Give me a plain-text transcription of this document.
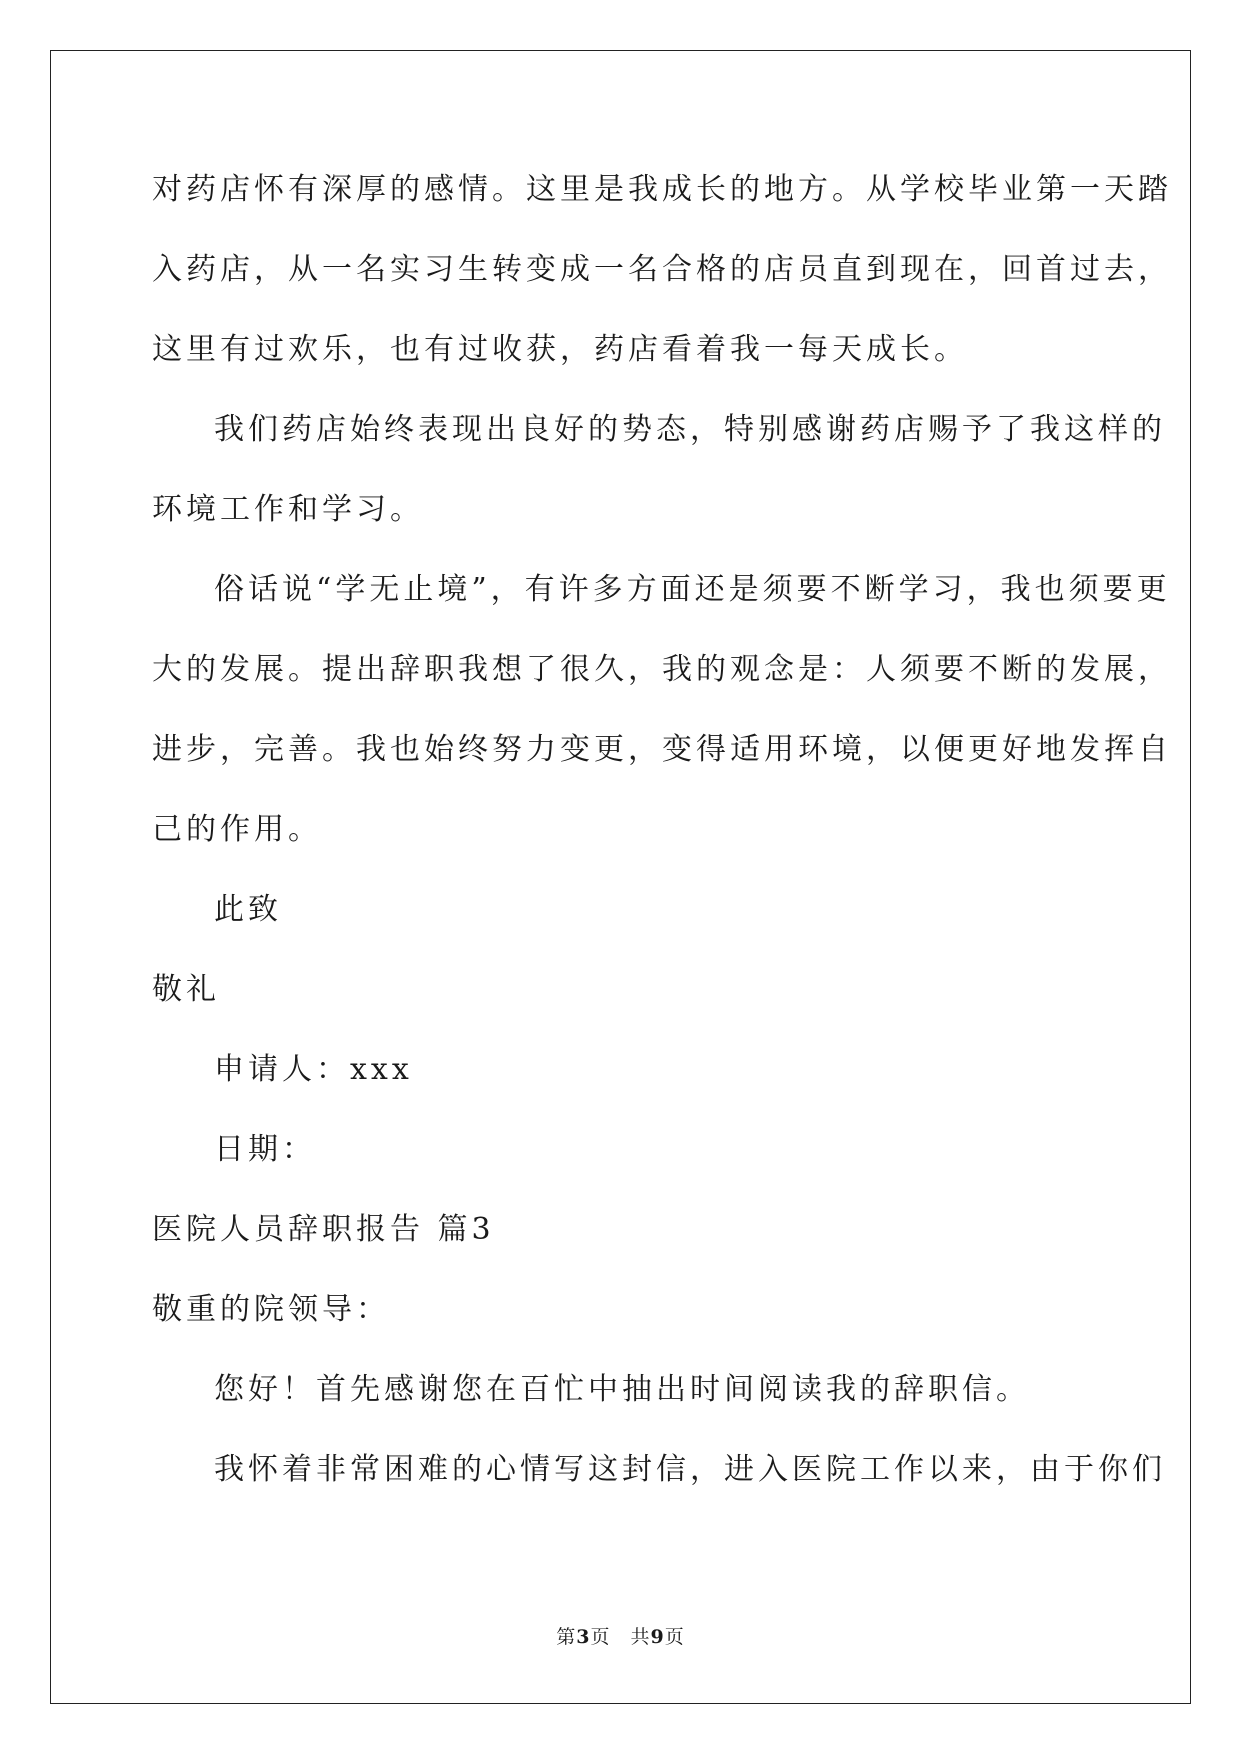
对药店怀有深厚的感情。这里是我成长的地方。从学校毕业第一天踏
入药店，从一名实习生转变成一名合格的店员直到现在，回首过去，
这里有过欢乐，也有过收获，药店看着我一每天成长。
我们药店始终表现出良好的势态，特别感谢药店赐予了我这样的
环境工作和学习。
俗话说“学无止境”，有许多方面还是须要不断学习，我也须要更
大的发展。提出辞职我想了很久，我的观念是：人须要不断的发展，
进步，完善。我也始终努力变更，变得适用环境，以便更好地发挥自
己的作用。
此致
敬礼
申请人：xxx
日期：
医院人员辞职报告 篇3
敬重的院领导：
您好！首先感谢您在百忙中抽出时间阅读我的辞职信。
我怀着非常困难的心情写这封信，进入医院工作以来，由于你们
第3页　共9页
